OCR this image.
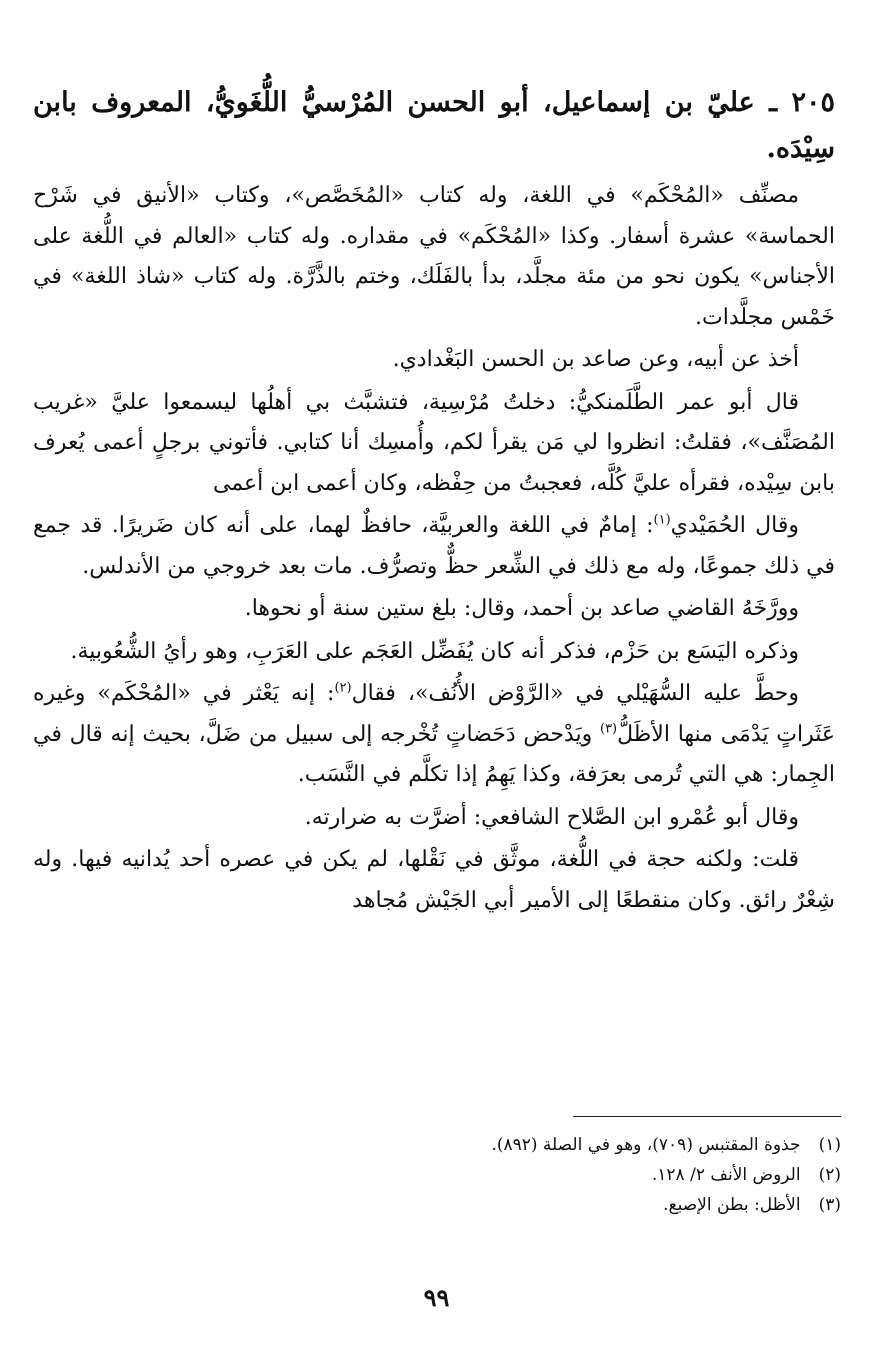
٢٠٥ ـ عليّ بن إسماعيل، أبو الحسن المُرْسيُّ اللُّغَويُّ، المعروف بابن سِيْدَه.

مصنِّف «المُحْكَم» في اللغة، وله كتاب «المُخَصَّص»، وكتاب «الأنيق في شَرْح الحماسة» عشرة أسفار. وكذا «المُحْكَم» في مقداره. وله كتاب «العالم في اللُّغة على الأجناس» يكون نحو من مئة مجلَّد، بدأ بالفَلَك، وختم بالذَّرَّة. وله كتاب «شاذ اللغة» في خَمْس مجلَّدات.

أخذ عن أبيه، وعن صاعد بن الحسن البَغْدادي.

قال أبو عمر الطَّلَمنكيُّ: دخلتُ مُرْسِية، فتشبَّث بي أهلُها ليسمعوا عليَّ «غريب المُصَنَّف»، فقلتُ: انظروا لي مَن يقرأ لكم، وأُمسِك أنا كتابي. فأتوني برجلٍ أعمى يُعرف بابن سِيْده، فقرأه عليَّ كُلَّه، فعجبتُ من حِفْظه، وكان أعمى ابن أعمى

وقال الحُمَيْدي$^{(١)}$: إمامٌ في اللغة والعربيَّة، حافظٌ لهما، على أنه كان ضَريرًا. قد جمع في ذلك جموعًا، وله مع ذلك في الشِّعر حظٌّ وتصرُّف. مات بعد خروجي من الأندلس.

وورَّخَهُ القاضي صاعد بن أحمد، وقال: بلغ ستين سنة أو نحوها.

وذكره اليَسَع بن حَزْم، فذكر أنه كان يُفَضِّل العَجَم على العَرَبِ، وهو رأيُ الشُّعُوبية.

وحطَّ عليه السُّهَيْلي في «الرَّوْض الأُنُف»، فقال$^{(٢)}$: إنه يَعْثر في «المُحْكَم» وغيره عَثَراتٍ يَدْمَى منها الأظَلُّ$^{(٣)}$ ويَدْحض دَحَضاتٍ تُخْرجه إلى سبيل من ضَلَّ، بحيث إنه قال في الجِمار: هي التي تُرمى بعرَفة، وكذا يَهِمُ إذا تكلَّم في النَّسَب.

وقال أبو عُمْرو ابن الصَّلاح الشافعي: أضرَّت به ضرارته.

قلت: ولكنه حجة في اللُّغة، موثَّق في نَقْلها، لم يكن في عصره أحد يُدانيه فيها. وله شِعْرٌ رائق. وكان منقطعًا إلى الأمير أبي الجَيْش مُجاهد

(١)
جذوة المقتبس (٧٠٩)، وهو في الصلة (٨٩٢).
(٢)
الروض الأنف ٢/ ١٢٨.
(٣)
الأظل: بطن الإصبع.
٩٩
